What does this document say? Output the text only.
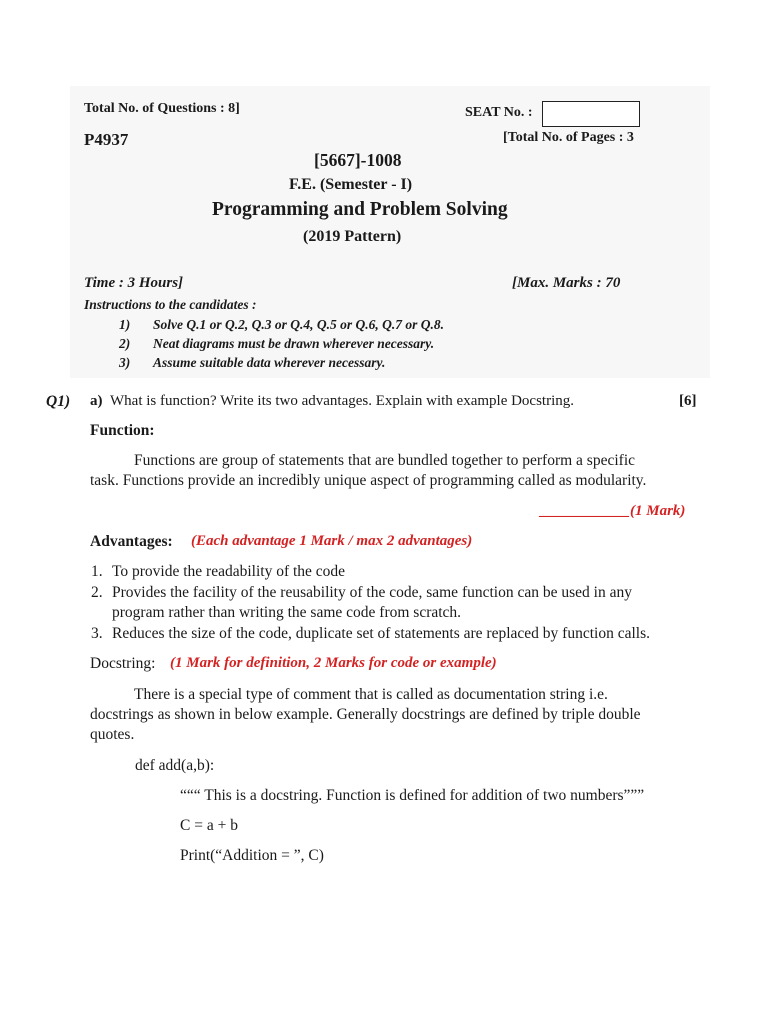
Total No. of Questions : 8]	SEAT No. :
P4937	[Total No. of Pages : 3
[5667]-1008
F.E. (Semester - I)
Programming and Problem Solving
(2019 Pattern)
Time : 3 Hours]	[Max. Marks : 70
Instructions to the candidates :
1) Solve Q.1 or Q.2, Q.3 or Q.4, Q.5 or Q.6, Q.7 or Q.8.
2) Neat diagrams must be drawn wherever necessary.
3) Assume suitable data wherever necessary.
Q1) a) What is function? Write its two advantages. Explain with example Docstring.	[6]
Function:
Functions are group of statements that are bundled together to perform a specific
task. Functions provide an incredibly unique aspect of programming called as modularity.
____________(1 Mark)
Advantages: (Each advantage 1 Mark / max 2 advantages)
1. To provide the readability of the code
2. Provides the facility of the reusability of the code, same function can be used in any
program rather than writing the same code from scratch.
3. Reduces the size of the code, duplicate set of statements are replaced by function calls.
Docstring: (1 Mark for definition, 2 Marks for code or example)
There is a special type of comment that is called as documentation string i.e.
docstrings as shown in below example. Generally docstrings are defined by triple double
quotes.
def add(a,b):
“““ This is a docstring. Function is defined for addition of two numbers”””
C = a + b
Print(“Addition = ”, C)
